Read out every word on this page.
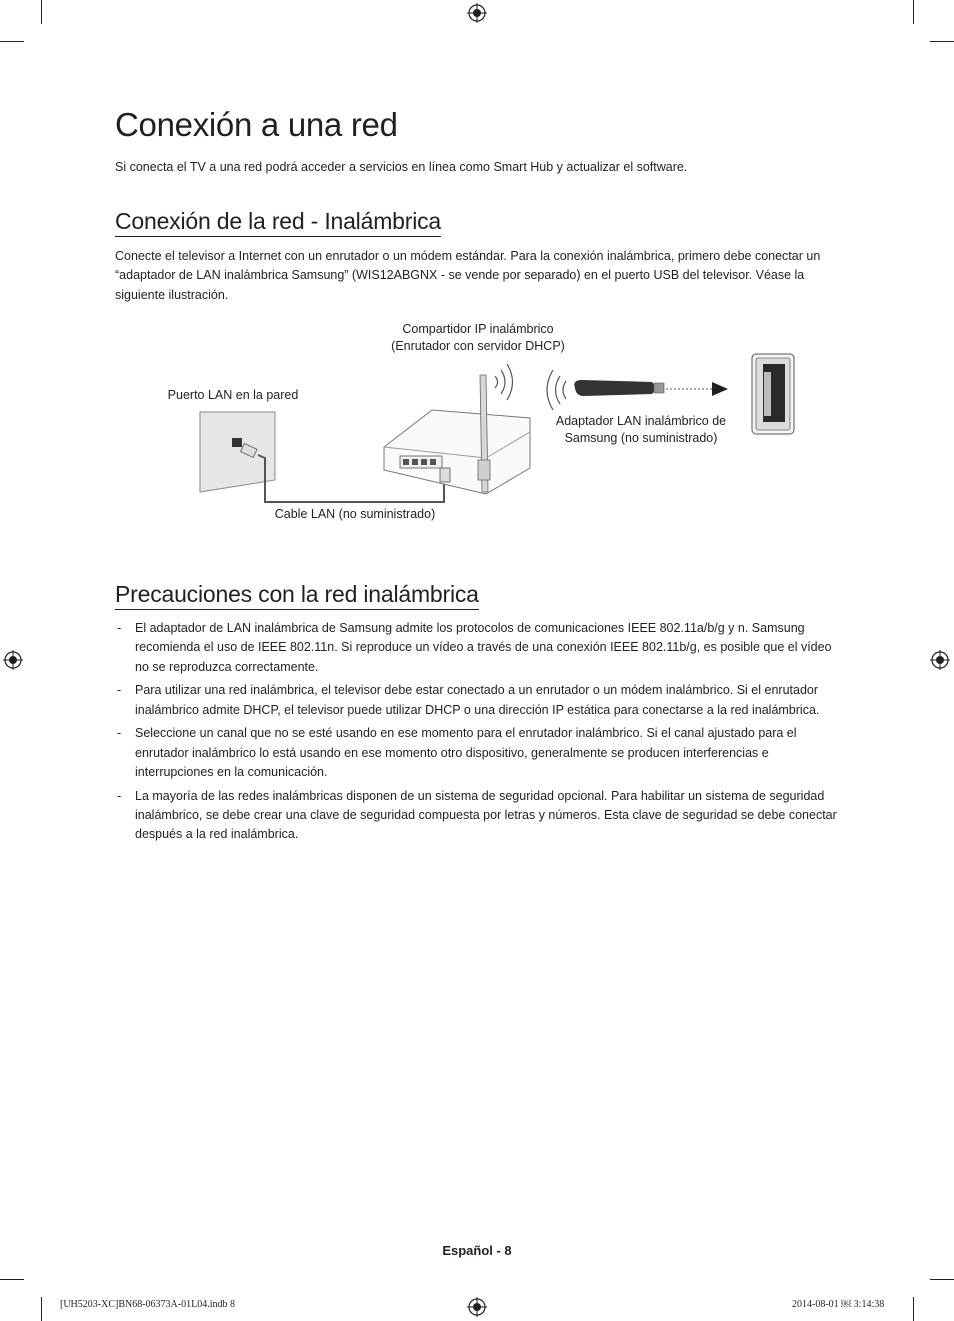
Conexión a una red

Si conecta el TV a una red podrá acceder a servicios en línea como Smart Hub y actualizar el software.

Conexión de la red - Inalámbrica

Conecte el televisor a Internet con un enrutador o un módem estándar. Para la conexión inalámbrica, primero debe conectar un “adaptador de LAN inalámbrica Samsung” (WIS12ABGNX - se vende por separado) en el puerto USB del televisor. Véase la siguiente ilustración.

Compartidor IP inalámbrico
(Enrutador con servidor DHCP)
Puerto LAN en la pared
Adaptador LAN inalámbrico de
Samsung (no suministrado)
Cable LAN (no suministrado)
Precauciones con la red inalámbrica
- El adaptador de LAN inalámbrica de Samsung admite los protocolos de comunicaciones IEEE 802.11a/b/g y n. Samsung recomienda el uso de IEEE 802.11n. Si reproduce un vídeo a través de una conexión IEEE 802.11b/g, es posible que el vídeo no se reproduzca correctamente.
- Para utilizar una red inalámbrica, el televisor debe estar conectado a un enrutador o un módem inalámbrico. Si el enrutador inalámbrico admite DHCP, el televisor puede utilizar DHCP o una dirección IP estática para conectarse a la red inalámbrica.
- Seleccione un canal que no se esté usando en ese momento para el enrutador inalámbrico. Si el canal ajustado para el enrutador inalámbrico lo está usando en ese momento otro dispositivo, generalmente se producen interferencias e interrupciones en la comunicación.
- La mayoría de las redes inalámbricas disponen de un sistema de seguridad opcional. Para habilitar un sistema de seguridad inalámbrico, se debe crear una clave de seguridad compuesta por letras y números. Esta clave de seguridad se debe conectar después a la red inalámbrica.
Español - 8
[UH5203-XC]BN68-06373A-01L04.indb 8	2014-08-01 ￼ 3:14:38
